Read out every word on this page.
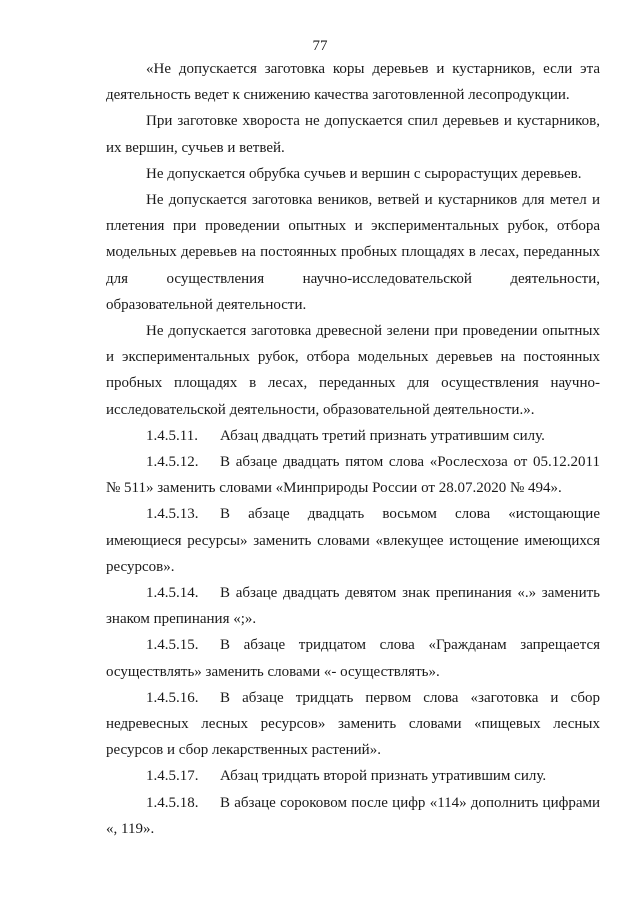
77

«Не допускается заготовка коры деревьев и кустарников, если эта деятельность ведет к снижению качества заготовленной лесопродукции.

При заготовке хвороста не допускается спил деревьев и кустарников, их вершин, сучьев и ветвей.

Не допускается обрубка сучьев и вершин с сырорастущих деревьев.

Не допускается заготовка веников, ветвей и кустарников для метел и плетения при проведении опытных и экспериментальных рубок, отбора модельных деревьев на постоянных пробных площадях в лесах, переданных для осуществления научно-исследовательской деятельности, образовательной деятельности.

Не допускается заготовка древесной зелени при проведении опытных и экспериментальных рубок, отбора модельных деревьев на постоянных пробных площадях в лесах, переданных для осуществления научно-исследовательской деятельности, образовательной деятельности.».

1.4.5.11. Абзац двадцать третий признать утратившим силу.

1.4.5.12. В абзаце двадцать пятом слова «Рослесхоза от 05.12.2011 № 511» заменить словами «Минприроды России от 28.07.2020 № 494».

1.4.5.13. В абзаце двадцать восьмом слова «истощающие имеющиеся ресурсы» заменить словами «влекущее истощение имеющихся ресурсов».

1.4.5.14. В абзаце двадцать девятом знак препинания «.» заменить знаком препинания «;».

1.4.5.15. В абзаце тридцатом слова «Гражданам запрещается осуществлять» заменить словами «- осуществлять».

1.4.5.16. В абзаце тридцать первом слова «заготовка и сбор недревесных лесных ресурсов» заменить словами «пищевых лесных ресурсов и сбор лекарственных растений».

1.4.5.17. Абзац тридцать второй признать утратившим силу.

1.4.5.18. В абзаце сороковом после цифр «114» дополнить цифрами «, 119».
